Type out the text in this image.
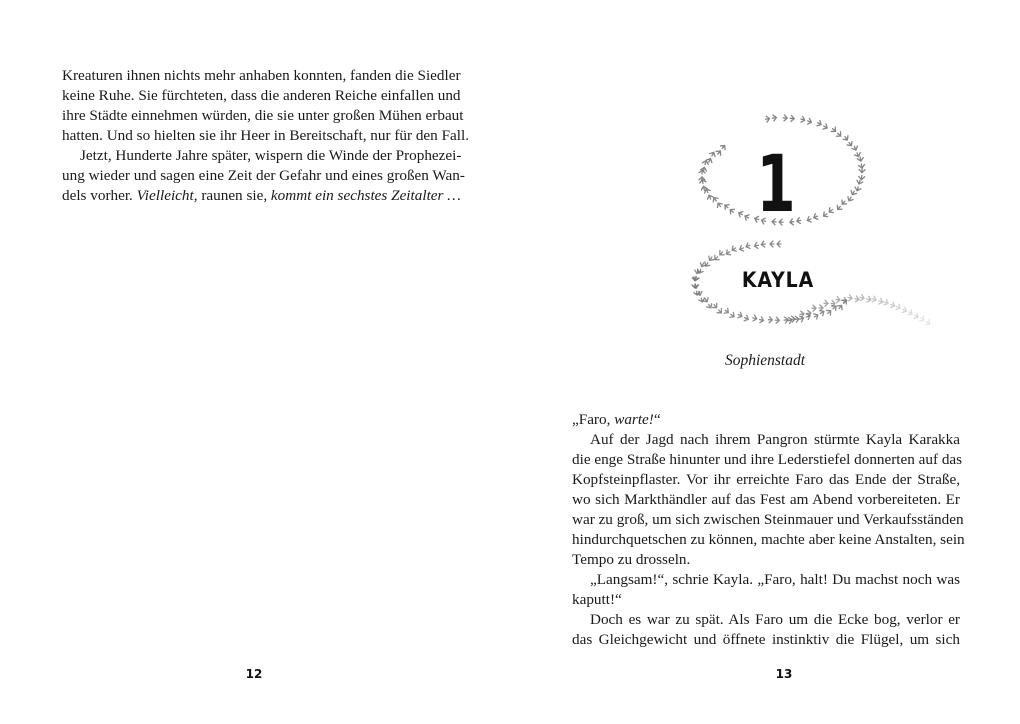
Kreaturen ihnen nichts mehr anhaben konnten, fanden die Siedler
keine Ruhe. Sie fürchteten, dass die anderen Reiche einfallen und
ihre Städte einnehmen würden, die sie unter großen Mühen erbaut
hatten. Und so hielten sie ihr Heer in Bereitschaft, nur für den Fall.
Jetzt, Hunderte Jahre später, wispern die Winde der Prophezei-
ung wieder und sagen eine Zeit der Gefahr und eines großen Wan-
dels vorher. Vielleicht, raunen sie, kommt ein sechstes Zeitalter …
12
1
KAYLA
Sophienstadt
„Faro, warte!“
Auf der Jagd nach ihrem Pangron stürmte Kayla Karakka
die enge Straße hinunter und ihre Lederstiefel donnerten auf das
Kopfsteinpflaster. Vor ihr erreichte Faro das Ende der Straße,
wo sich Markthändler auf das Fest am Abend vorbereiteten. Er
war zu groß, um sich zwischen Steinmauer und Verkaufsständen
hindurchquetschen zu können, machte aber keine Anstalten, sein
Tempo zu drosseln.
„Langsam!“, schrie Kayla. „Faro, halt! Du machst noch was
kaputt!“
Doch es war zu spät. Als Faro um die Ecke bog, verlor er
das Gleichgewicht und öffnete instinktiv die Flügel, um sich
13
